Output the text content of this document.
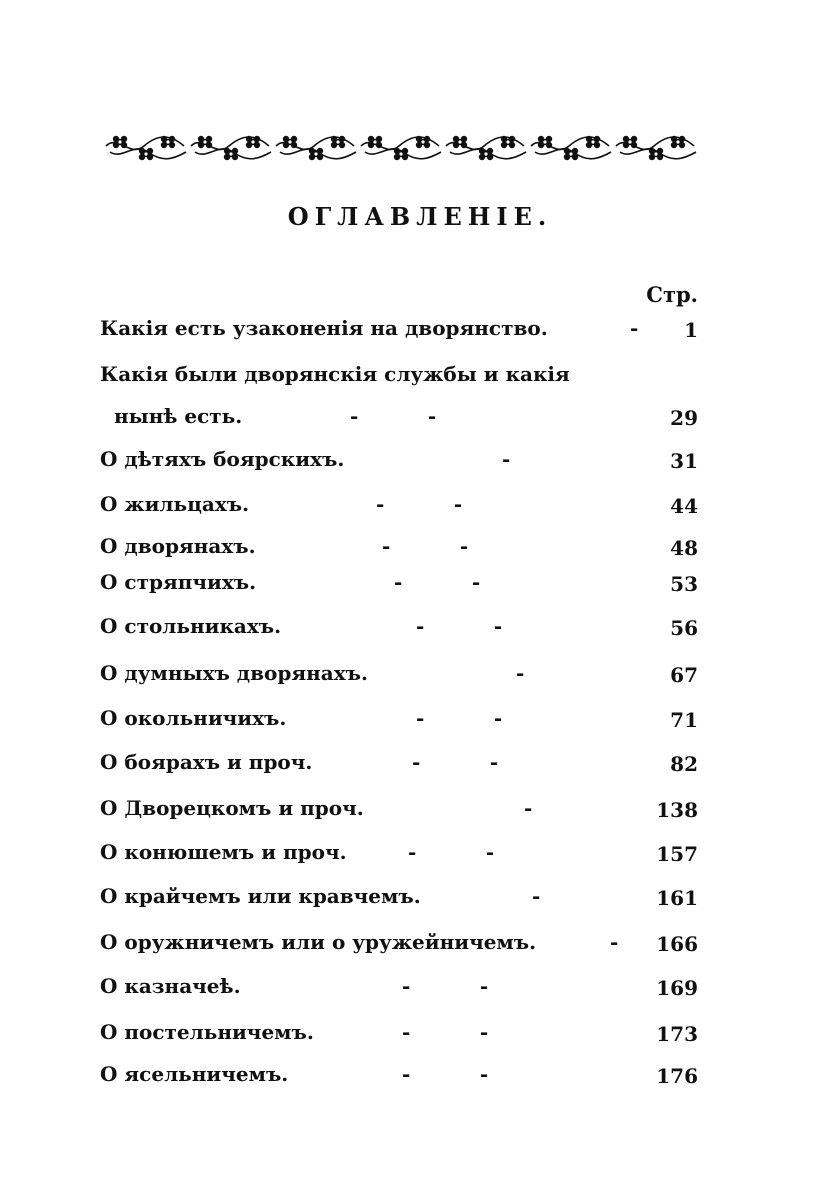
ОГЛАВЛЕНІЕ.
Стр.
Какія есть узаконенія на дворянство.	- 1
Какія были дворянскія службы и какія
нынѣ есть.	-          -	29
О дѣтяхъ боярскихъ.	-	31
О жильцахъ.	-          -	44
О дворянахъ.	-          -	48
О стряпчихъ.	-          -	53
О стольникахъ.	-          -	56
О думныхъ дворянахъ.	-	67
О окольничихъ.	-          -	71
О боярахъ и проч.	-          -	82
О Дворецкомъ и проч.	-	138
О конюшемъ и проч.	-          -	157
О крайчемъ или кравчемъ.	-	161
О оружничемъ или о уружейничемъ.	- 166
О казначеѣ.	-          -	169
О постельничемъ.	-          -	173
О ясельничемъ.	-          -	176
